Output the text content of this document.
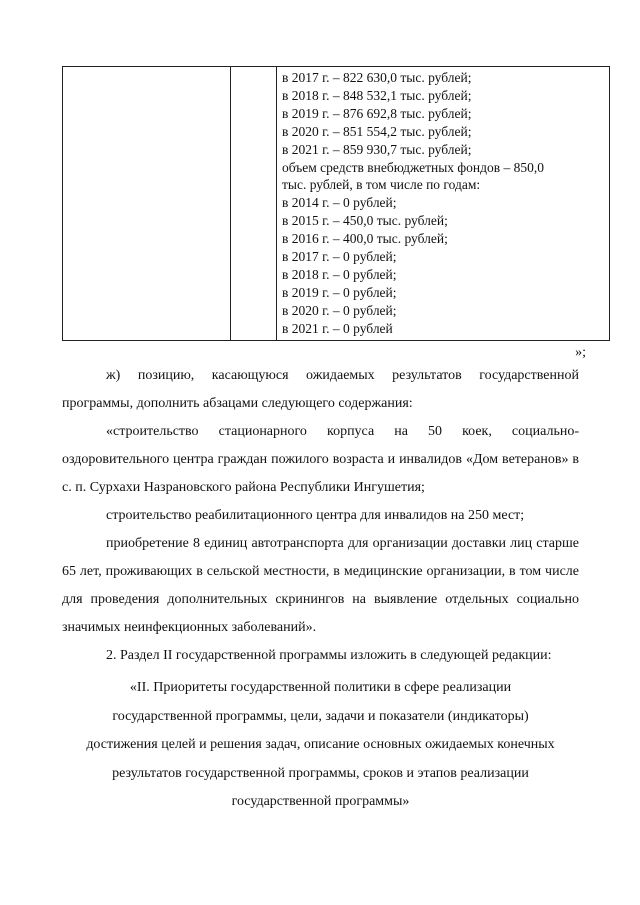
в 2017 г. – 822 630,0 тыс. рублей;
в 2018 г. – 848 532,1 тыс. рублей;
в 2019 г. – 876 692,8 тыс. рублей;
в 2020 г. – 851 554,2 тыс. рублей;
в 2021 г. – 859 930,7 тыс. рублей;
объем средств внебюджетных фондов – 850,0
тыс. рублей, в том числе по годам:
в 2014 г. – 0 рублей;
в 2015 г. – 450,0 тыс. рублей;
в 2016 г. – 400,0 тыс. рублей;
в 2017 г. – 0 рублей;
в 2018 г. – 0 рублей;
в 2019 г. – 0 рублей;
в 2020 г. – 0 рублей;
в 2021 г. – 0 рублей
»;

ж) позицию, касающуюся ожидаемых результатов государственной программы, дополнить абзацами следующего содержания:

«строительство стационарного корпуса на 50 коек, социально-оздоровительного центра граждан пожилого возраста и инвалидов «Дом ветеранов» в с. п. Сурхахи Назрановского района Республики Ингушетия;

строительство реабилитационного центра для инвалидов на 250 мест;

приобретение 8 единиц автотранспорта для организации доставки лиц старше 65 лет, проживающих в сельской местности, в медицинские организации, в том числе для проведения дополнительных скринингов на выявление отдельных социально значимых неинфекционных заболеваний».

2. Раздел II государственной программы изложить в следующей редакции:

«II. Приоритеты государственной политики в сфере реализации

государственной программы, цели, задачи и показатели (индикаторы)

достижения целей и решения задач, описание основных ожидаемых конечных

результатов государственной программы, сроков и этапов реализации

государственной программы»
